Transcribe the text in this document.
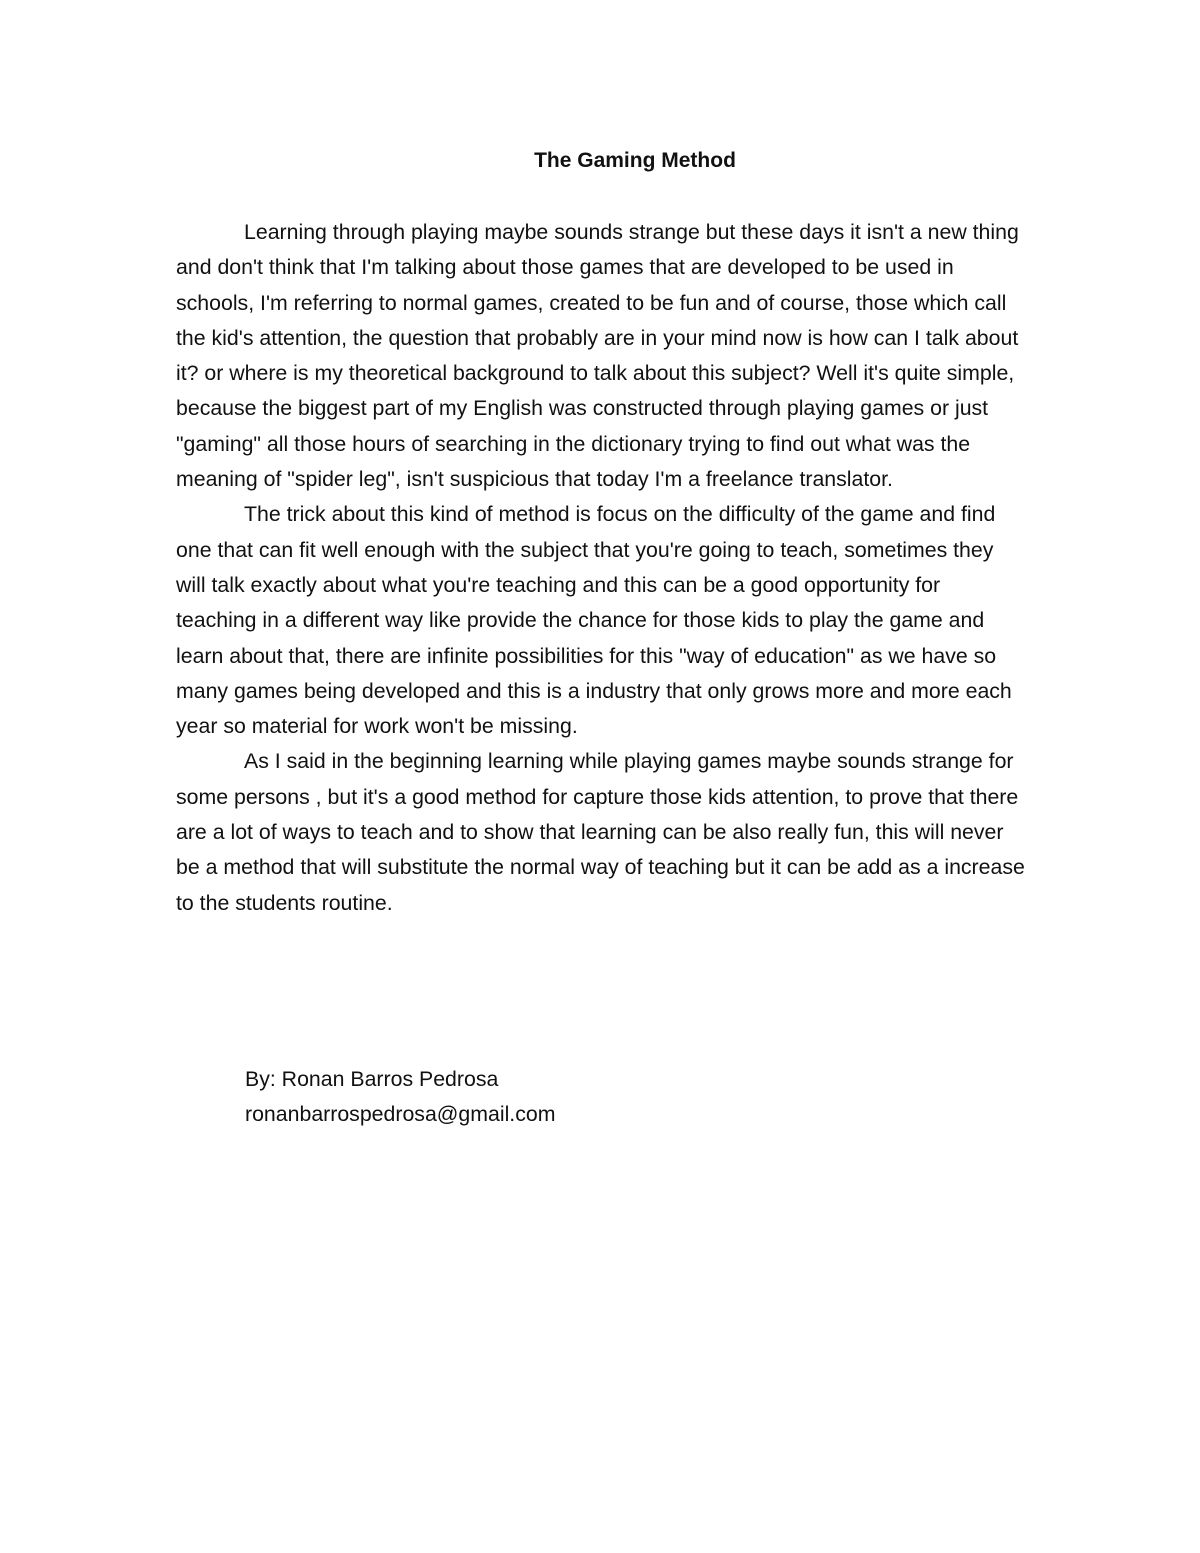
The Gaming Method

Learning through playing maybe sounds strange but these days it isn't a new thing and don't think that I'm talking about those games that are developed to be used in schools, I'm referring to normal games, created to be fun and of course, those which call the kid's attention, the question that probably are in your mind now is how can I talk about it? or where is my theoretical background to talk about this subject? Well it's quite simple, because the biggest part of my English was constructed through playing games or just "gaming" all those hours of searching in the dictionary trying to find out what was the meaning of "spider leg", isn't suspicious that today I'm a freelance translator.

The trick about this kind of method is focus on the difficulty of the game and find one that can fit well enough with the subject that you're going to teach, sometimes they will talk exactly about what you're teaching and this can be a good opportunity for teaching in a different way like provide the chance for those kids to play the game and learn about that, there are infinite possibilities for this "way of education" as we have so many games being developed and this is a industry that only grows more and more each year so material for work won't be missing.

As I said in the beginning learning while playing games maybe sounds strange for some persons , but it's a good method for capture those kids attention, to prove that there are a lot of ways to teach and to show that learning can be also really fun, this will never be a method that will substitute the normal way of teaching but it can be add as a increase to the students routine.

By: Ronan Barros Pedrosa
ronanbarrospedrosa@gmail.com
